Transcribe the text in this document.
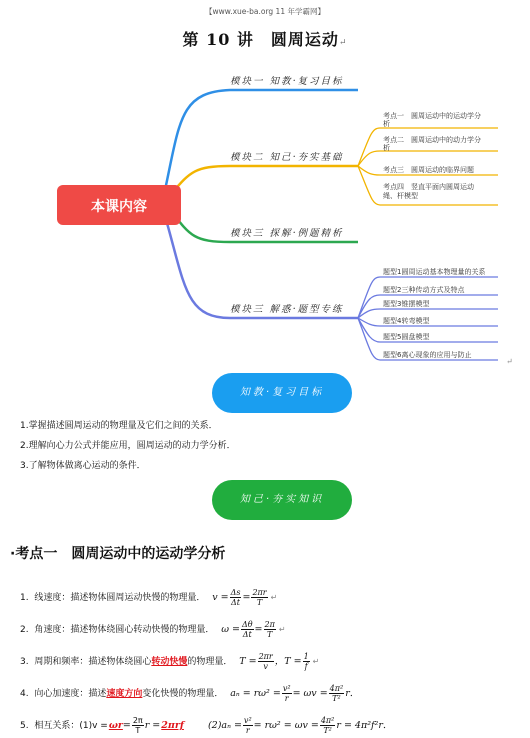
【www.xue-ba.org 11 年学霸网】
第 10 讲　圆周运动↵
本课内容
模块一 知教·复习目标
模块二 知己·夯实基础
模块三 探解·例题精析
模块三 解惑·题型专练
考点一　圆周运动中的运动学分析
考点二　圆周运动中的动力学分析
考点三　圆周运动的临界问题
考点四　竖直平面内圆周运动绳、杆模型
题型1圆周运动基本物理量的关系
题型2三种传动方式及特点
题型3锥摆模型
题型4转弯模型
题型5圆盘模型
题型6离心现象的应用与防止
↵
知教·复习目标
1.掌握描述圆周运动的物理量及它们之间的关系．
2.理解向心力公式并能应用，圆周运动的动力学分析．
3.了解物体做离心运动的条件．
知己·夯实知识
·考点一　圆周运动中的运动学分析
1. 线速度：描述物体圆周运动快慢的物理量． $v = \frac{\Delta s}{\Delta t} = \frac{2\pi r}{T}$ ↵
2. 角速度：描述物体绕圆心转动快慢的物理量． $\omega = \frac{\Delta\theta}{\Delta t} = \frac{2\pi}{T}$ ↵
3. 周期和频率：描述物体绕圆心转动快慢的物理量． $T = \frac{2\pi r}{v}$ ，$T = \frac{1}{f}$ ↵
4. 向心加速度：描述速度方向变化快慢的物理量． $a_n = r\omega^2 = \frac{\text{v²}}{r} = \omega v = \frac{\text{4π²}}{\text{T²}}$ r．
5. 相互关系：$(1)v =\omega r= \frac{2\pi}{T}$ r =2πrf	$(2)a_n = \frac{\text{v²}}{r} = r\omega^2 = \omega v = \frac{\text{4π²}}{\text{T²}}$ r = 4π²f²r．
